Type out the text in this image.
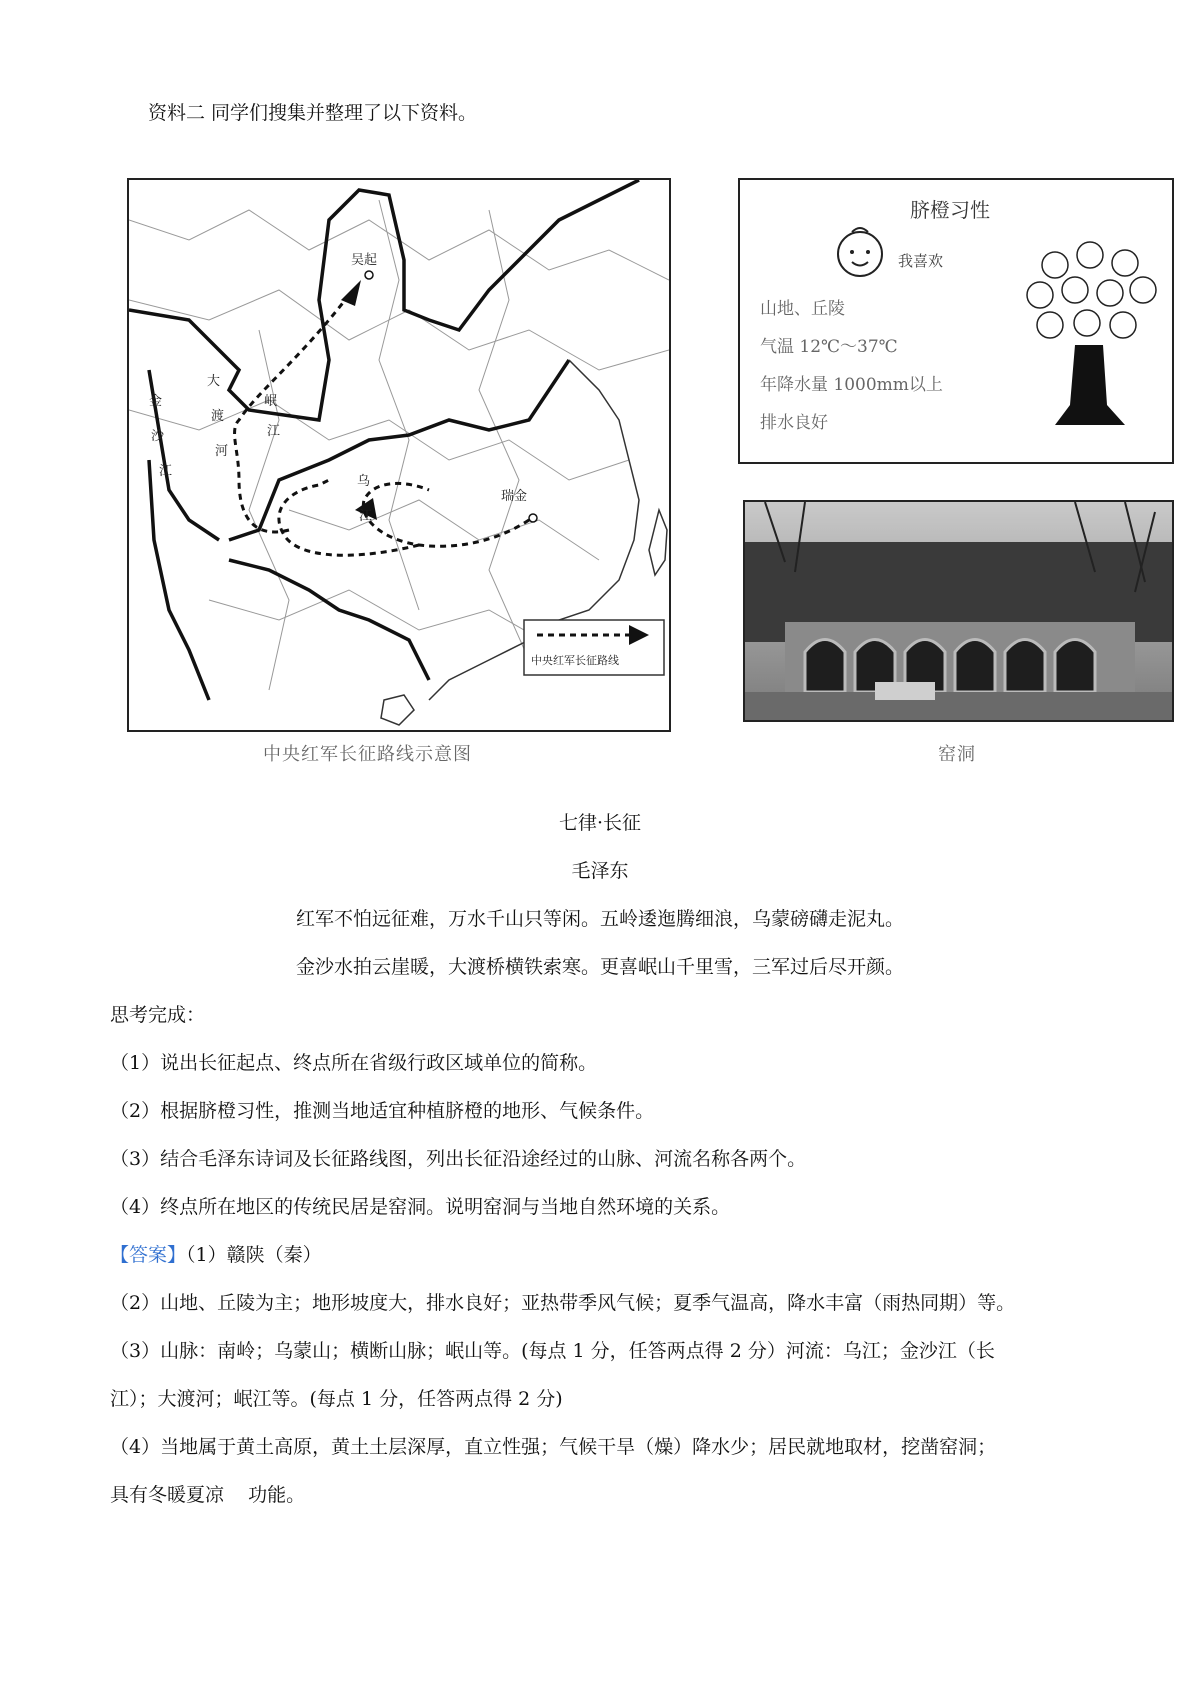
资料二 同学们搜集并整理了以下资料。
吴起
瑞金
金
沙
江
大
渡
河
岷
江
乌
江
中央红军长征路线
中央红军长征路线示意图
脐橙习性
我喜欢
山地、丘陵
气温 12℃～37℃
年降水量 1000mm以上
排水良好
窑洞
七律·长征
毛泽东
红军不怕远征难，万水千山只等闲。五岭逶迤腾细浪，乌蒙磅礴走泥丸。
金沙水拍云崖暖，大渡桥横铁索寒。更喜岷山千里雪，三军过后尽开颜。
思考完成：
（1）说出长征起点、终点所在省级行政区域单位的简称。
（2）根据脐橙习性，推测当地适宜种植脐橙的地形、气候条件。
（3）结合毛泽东诗词及长征路线图，列出长征沿途经过的山脉、河流名称各两个。
（4）终点所在地区的传统民居是窑洞。说明窑洞与当地自然环境的关系。
【答案】（1）赣陕（秦）
（2）山地、丘陵为主；地形坡度大，排水良好；亚热带季风气候；夏季气温高，降水丰富（雨热同期）等。
（3）山脉：南岭；乌蒙山；横断山脉；岷山等。(每点 1 分，任答两点得 2 分）河流：乌江；金沙江（长
江）；大渡河；岷江等。(每点 1 分，任答两点得 2 分)
（4）当地属于黄土高原，黄土土层深厚，直立性强；气候干旱（燥）降水少；居民就地取材，挖凿窑洞；
具有冬暖夏凉    功能。
